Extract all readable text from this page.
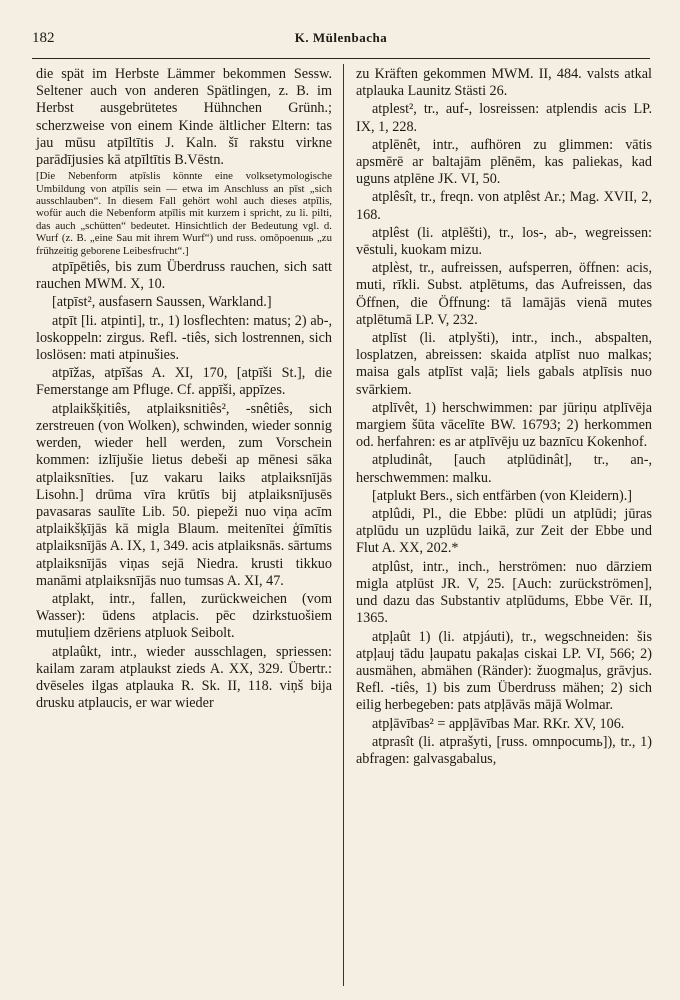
182	K. Mülenbacha

die spät im Herbste Lämmer bekommen Sessw. Seltener auch von anderen Spätlingen, z. B. im Herbst ausgebrütetes Hühnchen Grünh.; scherzweise von einem Kinde ältlicher Eltern: tas jau mūsu atpīltītis J. Kaln. šī rakstu virkne parādījusies kā atpīltītis B.Vēstn.

[Die Nebenform atpīslis könnte eine volksetymologische Umbildung von atpīlis sein — etwa im Anschluss an pīst „sich ausschlauben“. In diesem Fall gehört wohl auch dieses atpīlis, wofür auch die Nebenform atpīlis mit kurzem i spricht, zu li. pilti, das auch „schütten“ bedeutet. Hinsichtlich der Bedeutung vgl. d. Wurf (z. B. „eine Sau mit ihrem Wurf“) und russ. omōpoenшь „zu frühzeitig geborene Leibesfrucht“.]

atpīpētiês, bis zum Überdruss rauchen, sich satt rauchen MWM. X, 10.

[atpīst², ausfasern Saussen, Warkland.]

atpīt [li. atpinti], tr., 1) losflechten: matus; 2) ab-, loskoppeln: zirgus. Refl. -tiês, sich lostrennen, sich loslösen: mati atpinušies.

atpīžas, atpīšas A. XI, 170, [atpīši St.], die Femerstange am Pfluge. Cf. appīši, appīzes.

atplaikšķitiês, atplaiksnitiês², -snêtiês, sich zerstreuen (von Wolken), schwinden, wieder sonnig werden, wieder hell werden, zum Vorschein kommen: izlījušie lietus debeši ap mēnesi sāka atplaiksnīties. [uz vakaru laiks atplaiksnījās Lisohn.] drūma vīra krūtīs bij atplaiksnījusēs pavasaras saulīte Lib. 50. piepeži nuo viņa acīm atplaikšķījās kā migla Blaum. meitenītei ģīmītis atplaiksnījās A. IX, 1, 349. acis atplaiksnās. sārtums atplaiksnījās viņas sejā Niedra. krusti tikkuo manāmi atplaiksnījās nuo tumsas A. XI, 47.

atplakt, intr., fallen, zurückweichen (vom Wasser): ūdens atplacis. pēc dzirkstuošiem mutuļiem dzēriens atpluok Seibolt.

atplaûkt, intr., wieder ausschlagen, spriessen: kailam zaram atplaukst zieds A. XX, 329. Übertr.: dvēseles ilgas atplauka R. Sk. II, 118. viņš bija drusku atplaucis, er war wieder

zu Kräften gekommen MWM. II, 484. valsts atkal atplauka Launitz Stästi 26.

atplest², tr., auf-, losreissen: atplendis acis LP. IX, 1, 228.

atplēnêt, intr., aufhören zu glimmen: vātis apsmērē ar baltajām plēnēm, kas paliekas, kad uguns atplēne JK. VI, 50.

atplêsît, tr., freqn. von atplêst Ar.; Mag. XVII, 2, 168.

atplêst (li. atplēšti), tr., los-, ab-, wegreissen: vēstuli, kuokam mizu.

atplèst, tr., aufreissen, aufsperren, öffnen: acis, muti, rīkli. Subst. atplētums, das Aufreissen, das Öffnen, die Öffnung: tā lamājās vienā mutes atplētumā LP. V, 232.

atplīst (li. atplyšti), intr., inch., abspalten, losplatzen, abreissen: skaida atplīst nuo malkas; maisa gals atplīst vaļā; liels gabals atplīsis nuo svārkiem.

atplīvêt, 1) herschwimmen: par jūriņu atplīvēja margiem šūta vācelīte BW. 16793; 2) herkommen od. herfahren: es ar atplīvēju uz baznīcu Kokenhof.

atpludinât, [auch atplūdinât], tr., an-, herschwemmen: malku.

[atplukt Bers., sich entfärben (von Kleidern).]

atplûdi, Pl., die Ebbe: plūdi un atplūdi; jūras atplūdu un uzplūdu laikā, zur Zeit der Ebbe und Flut A. XX, 202.*

atplûst, intr., inch., herströmen: nuo dārziem migla atplūst JR. V, 25. [Auch: zurückströmen], und dazu das Substantiv atplūdums, Ebbe Vēr. II, 1365.

atpļaût 1) (li. atpjáuti), tr., wegschneiden: šis atpļauj tādu ļaupatu pakaļas ciskai LP. VI, 566; 2) ausmähen, abmähen (Ränder): žuogmaļus, grāvjus. Refl. -tiês, 1) bis zum Überdruss mähen; 2) sich eilig herbegeben: pats atpļāvās mājā Wolmar.

atpļāvības² = appļāvības Mar. RKr. XV, 106.

atprasît (li. atprašyti, [russ. omnpocumь]), tr., 1) abfragen: galvasgabalus,
